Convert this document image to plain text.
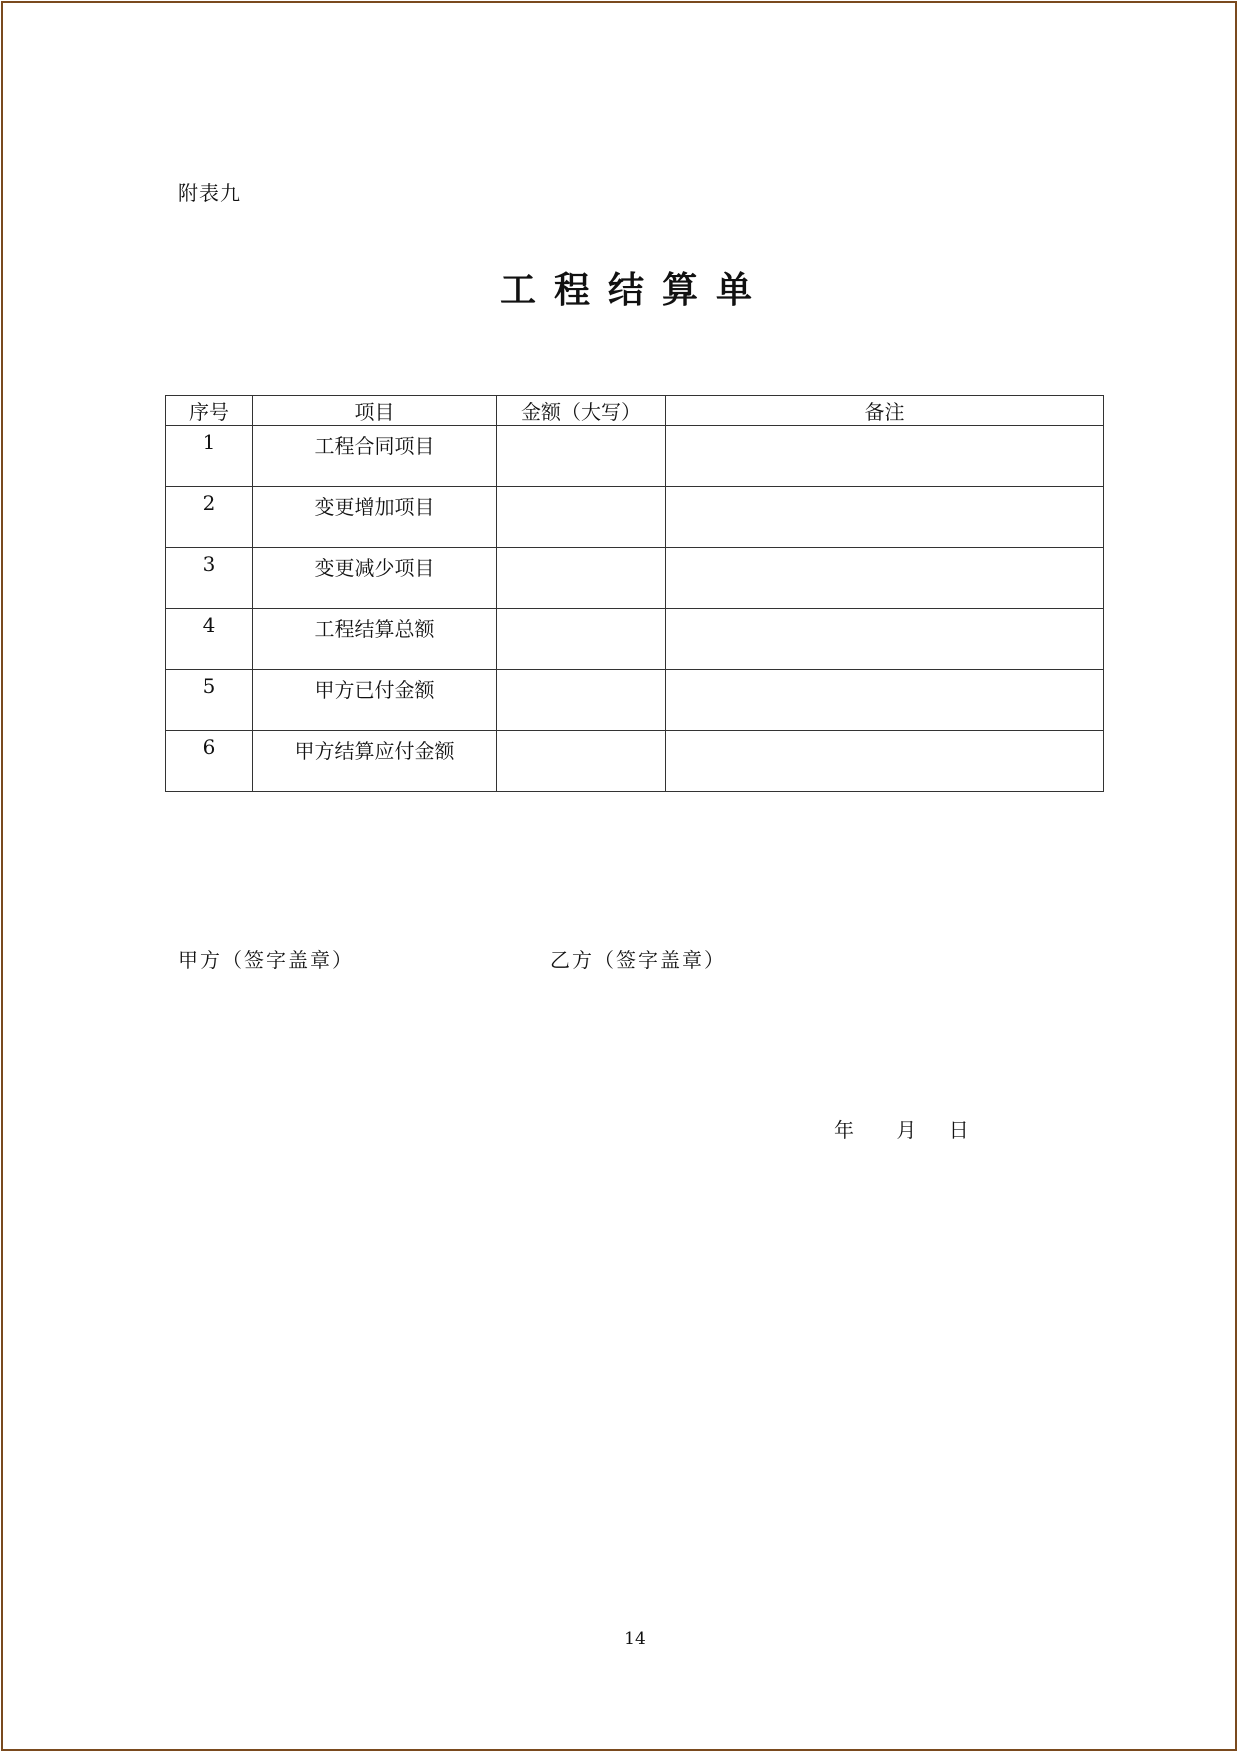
附表九
工程结算单
序号	项目	金额（大写）	备注
1	工程合同项目		
2	变更增加项目		
3	变更减少项目		
4	工程结算总额		
5	甲方已付金额		
6	甲方结算应付金额		
甲方（签字盖章）	乙方（签字盖章）
年 月 日
14
